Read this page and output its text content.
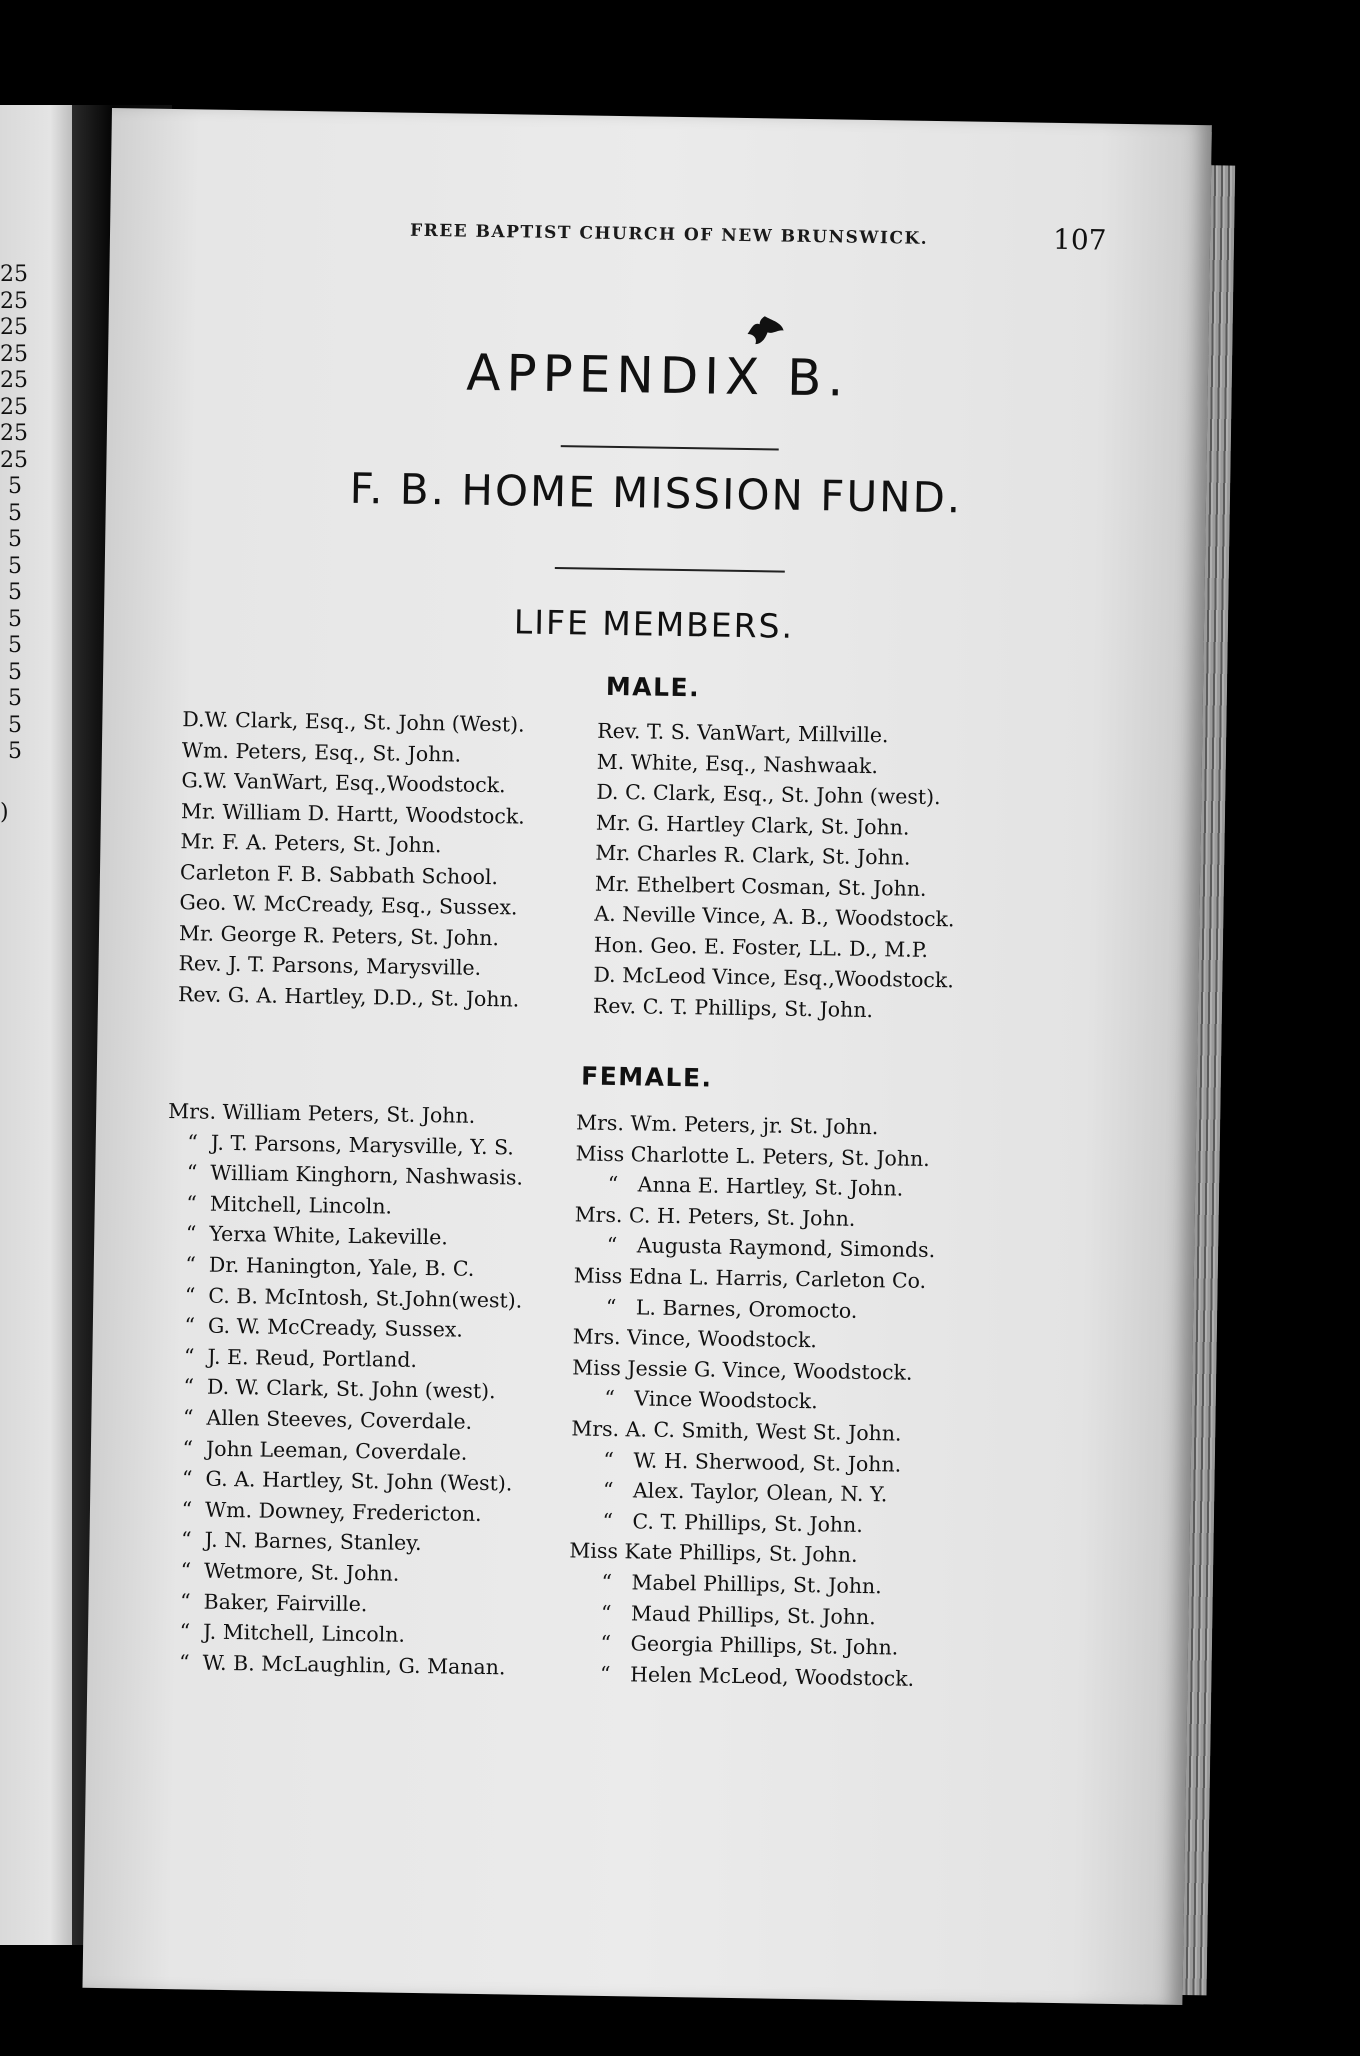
25
25
25
25
25
25
25
25
5
5
5
5
5
5
5
5
5
5
5
)
FREE BAPTIST CHURCH OF NEW BRUNSWICK.	107
APPENDIX B.
F. B. HOME MISSION FUND.
LIFE MEMBERS.
MALE.
D.W. Clark, Esq., St. John (West).
Wm. Peters, Esq., St. John.
G.W. VanWart, Esq.,Woodstock.
Mr. William D. Hartt, Woodstock.
Mr. F. A. Peters, St. John.
Carleton F. B. Sabbath School.
Geo. W. McCready, Esq., Sussex.
Mr. George R. Peters, St. John.
Rev. J. T. Parsons, Marysville.
Rev. G. A. Hartley, D.D., St. John.
Rev. T. S. VanWart, Millville.
M. White, Esq., Nashwaak.
D. C. Clark, Esq., St. John (west).
Mr. G. Hartley Clark, St. John.
Mr. Charles R. Clark, St. John.
Mr. Ethelbert Cosman, St. John.
A. Neville Vince, A. B., Woodstock.
Hon. Geo. E. Foster, LL. D., M.P.
D. McLeod Vince, Esq.,Woodstock.
Rev. C. T. Phillips, St. John.
FEMALE.
Mrs. William Peters, St. John.
“  J. T. Parsons, Marysville, Y. S.
“  William Kinghorn, Nashwasis.
“  Mitchell, Lincoln.
“  Yerxa White, Lakeville.
“  Dr. Hanington, Yale, B. C.
“  C. B. McIntosh, St.John(west).
“  G. W. McCready, Sussex.
“  J. E. Reud, Portland.
“  D. W. Clark, St. John (west).
“  Allen Steeves, Coverdale.
“  John Leeman, Coverdale.
“  G. A. Hartley, St. John (West).
“  Wm. Downey, Fredericton.
“  J. N. Barnes, Stanley.
“  Wetmore, St. John.
“  Baker, Fairville.
“  J. Mitchell, Lincoln.
“  W. B. McLaughlin, G. Manan.
Mrs. Wm. Peters, jr. St. John.
Miss Charlotte L. Peters, St. John.
“   Anna E. Hartley, St. John.
Mrs. C. H. Peters, St. John.
“   Augusta Raymond, Simonds.
Miss Edna L. Harris, Carleton Co.
“   L. Barnes, Oromocto.
Mrs. Vince, Woodstock.
Miss Jessie G. Vince, Woodstock.
“   Vince Woodstock.
Mrs. A. C. Smith, West St. John.
“   W. H. Sherwood, St. John.
“   Alex. Taylor, Olean, N. Y.
“   C. T. Phillips, St. John.
Miss Kate Phillips, St. John.
“   Mabel Phillips, St. John.
“   Maud Phillips, St. John.
“   Georgia Phillips, St. John.
“   Helen McLeod, Woodstock.
